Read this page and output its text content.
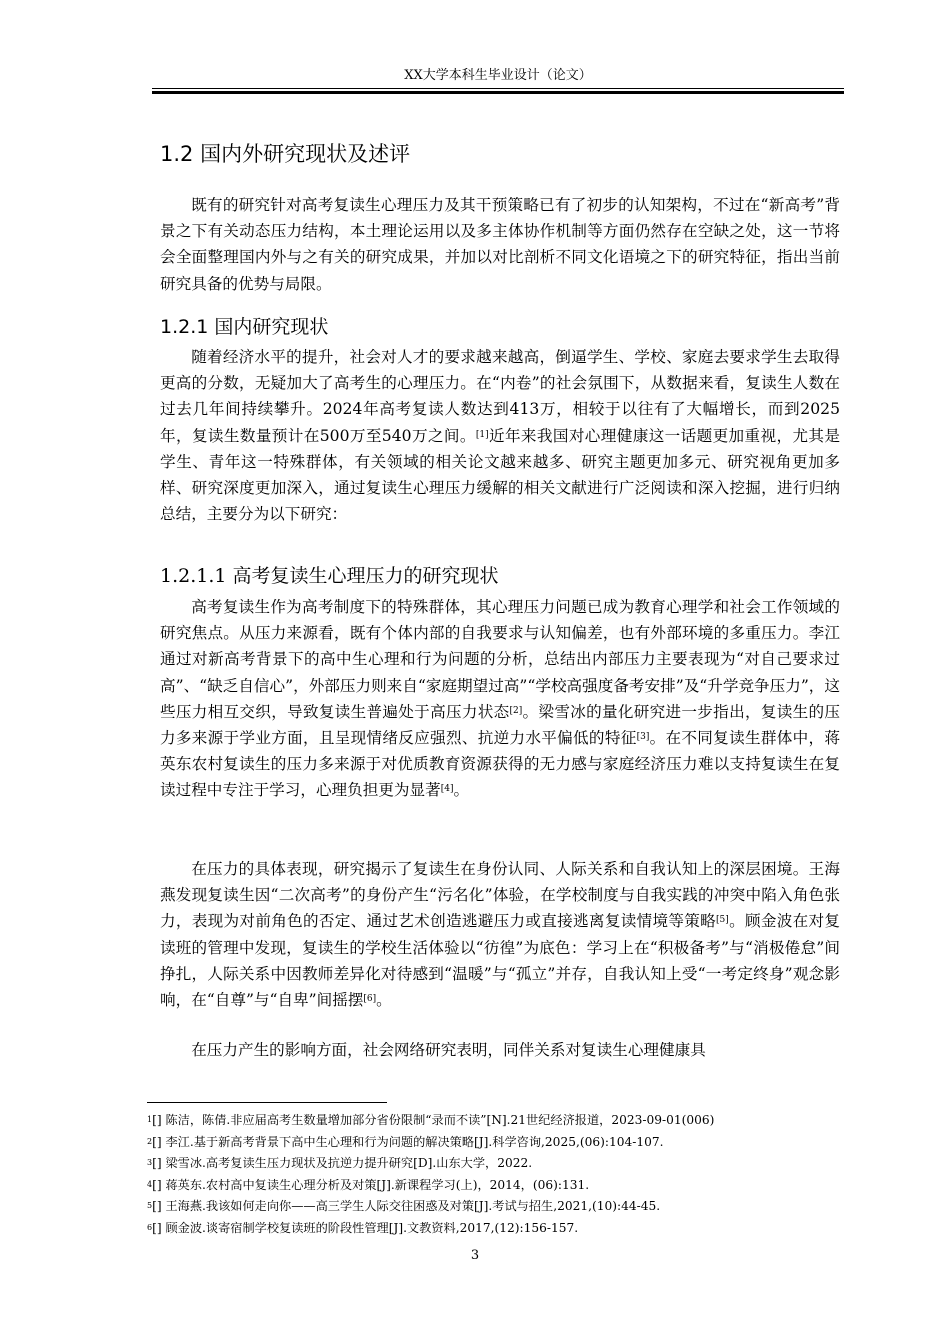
XX大学本科生毕业设计（论文）
1.2 国内外研究现状及述评

既有的研究针对高考复读生心理压力及其干预策略已有了初步的认知架构，不过在“新高考”背景之下有关动态压力结构，本土理论运用以及多主体协作机制等方面仍然存在空缺之处，这一节将会全面整理国内外与之有关的研究成果，并加以对比剖析不同文化语境之下的研究特征，指出当前研究具备的优势与局限。

1.2.1 国内研究现状

随着经济水平的提升，社会对人才的要求越来越高，倒逼学生、学校、家庭去要求学生去取得更高的分数，无疑加大了高考生的心理压力。在“内卷”的社会氛围下，从数据来看，复读生人数在过去几年间持续攀升。2024年高考复读人数达到413万，相较于以往有了大幅增长，而到2025年，复读生数量预计在500万至540万之间。[1]近年来我国对心理健康这一话题更加重视，尤其是学生、青年这一特殊群体，有关领域的相关论文越来越多、研究主题更加多元、研究视角更加多样、研究深度更加深入，通过复读生心理压力缓解的相关文献进行广泛阅读和深入挖掘，进行归纳总结，主要分为以下研究：

1.2.1.1 高考复读生心理压力的研究现状

高考复读生作为高考制度下的特殊群体，其心理压力问题已成为教育心理学和社会工作领域的研究焦点。从压力来源看，既有个体内部的自我要求与认知偏差，也有外部环境的多重压力。李江通过对新高考背景下的高中生心理和行为问题的分析，总结出内部压力主要表现为“对自己要求过高”、“缺乏自信心”，外部压力则来自“家庭期望过高”“学校高强度备考安排”及“升学竞争压力”，这些压力相互交织，导致复读生普遍处于高压力状态[2]。梁雪冰的量化研究进一步指出，复读生的压力多来源于学业方面，且呈现情绪反应强烈、抗逆力水平偏低的特征[3]。在不同复读生群体中，蒋英东农村复读生的压力多来源于对优质教育资源获得的无力感与家庭经济压力难以支持复读生在复读过程中专注于学习，心理负担更为显著[4]。

在压力的具体表现，研究揭示了复读生在身份认同、人际关系和自我认知上的深层困境。王海燕发现复读生因“二次高考”的身份产生“污名化”体验，在学校制度与自我实践的冲突中陷入角色张力，表现为对前角色的否定、通过艺术创造逃避压力或直接逃离复读情境等策略[5]。顾金波在对复读班的管理中发现，复读生的学校生活体验以“彷徨”为底色：学习上在“积极备考”与“消极倦怠”间挣扎，人际关系中因教师差异化对待感到“温暖”与“孤立”并存，自我认知上受“一考定终身”观念影响，在“自尊”与“自卑”间摇摆[6]。

在压力产生的影响方面，社会网络研究表明，同伴关系对复读生心理健康具

$^1$[] 陈洁，陈倩.非应届高考生数量增加部分省份限制“录而不读”[N].21世纪经济报道，2023-09-01(006)
$^2$[] 李江.基于新高考背景下高中生心理和行为问题的解决策略[J].科学咨询,2025,(06):104-107.
$^3$[] 梁雪冰.高考复读生压力现状及抗逆力提升研究[D].山东大学，2022.
$^4$[] 蒋英东.农村高中复读生心理分析及对策[J].新课程学习(上)，2014，(06):131.
$^5$[] 王海燕.我该如何走向你——高三学生人际交往困惑及对策[J].考试与招生,2021,(10):44-45.
$^6$[] 顾金波.谈寄宿制学校复读班的阶段性管理[J].文教资料,2017,(12):156-157.
3
